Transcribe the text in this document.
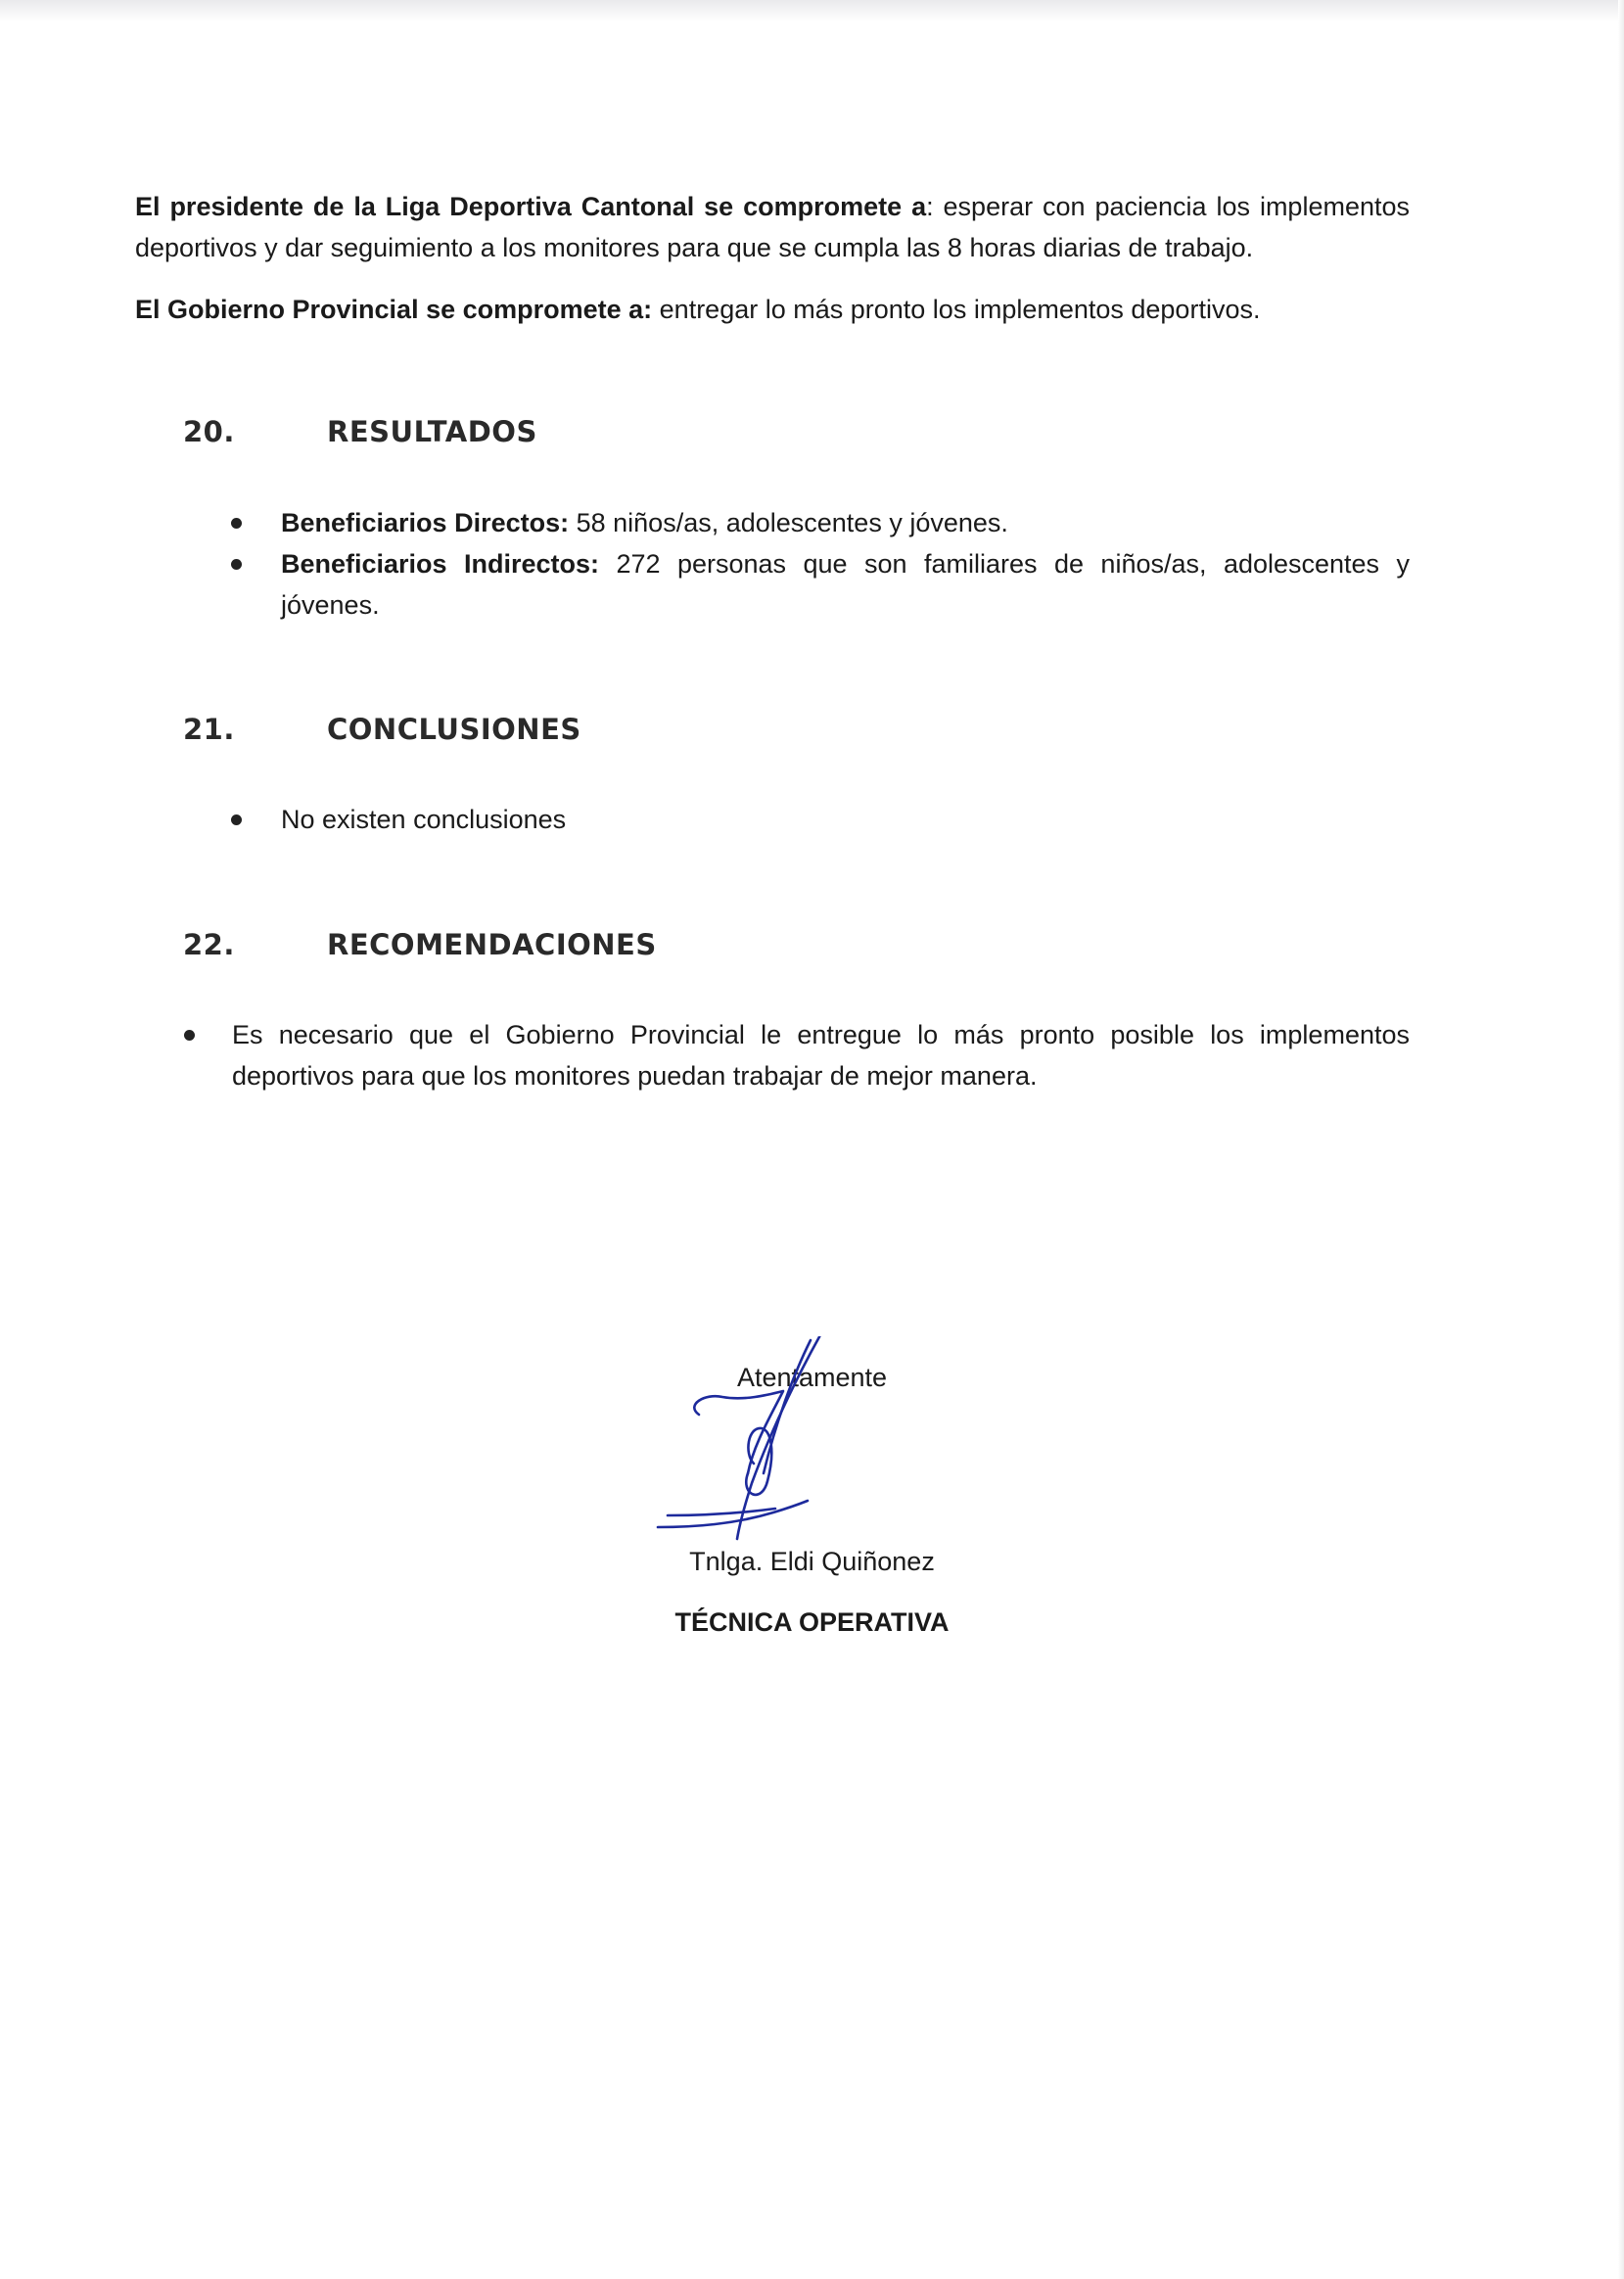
El presidente de la Liga Deportiva Cantonal se compromete a: esperar con paciencia los implementos deportivos y dar seguimiento a los monitores para que se cumpla las 8 horas diarias de trabajo.

El Gobierno Provincial se compromete a: entregar lo más pronto los implementos deportivos.

20.	RESULTADOS
Beneficiarios Directos: 58 niños/as, adolescentes y jóvenes.
Beneficiarios Indirectos: 272 personas que son familiares de niños/as, adolescentes y jóvenes.
21.	CONCLUSIONES
No existen conclusiones
22.	RECOMENDACIONES
Es necesario que el Gobierno Provincial le entregue lo más pronto posible los implementos deportivos para que los monitores puedan trabajar de mejor manera.
Atentamente
Tnlga. Eldi Quiñonez
TÉCNICA OPERATIVA
